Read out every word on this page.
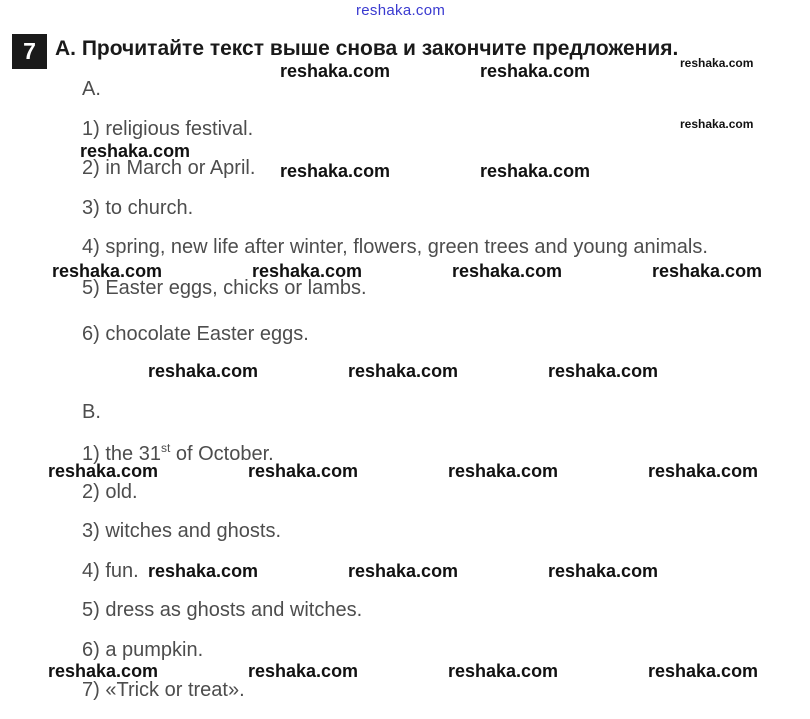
reshaka.com
7 A. Прочитайте текст выше снова и закончите предложения.
A.
1) religious festival.
2) in March or April.
3) to church.
4) spring, new life after winter, flowers, green trees and young animals.
5) Easter eggs, chicks or lambs.
6) chocolate Easter eggs.
B.
1) the 31st of October.
2) old.
3) witches and ghosts.
4) fun.
5) dress as ghosts and witches.
6) a pumpkin.
7) «Trick or treat».
reshaka.com	reshaka.com	reshaka.com
reshaka.com
reshaka.com
reshaka.com	reshaka.com
reshaka.com	reshaka.com	reshaka.com	reshaka.com
reshaka.com	reshaka.com	reshaka.com
reshaka.com	reshaka.com	reshaka.com	reshaka.com
reshaka.com	reshaka.com	reshaka.com
reshaka.com	reshaka.com	reshaka.com	reshaka.com
